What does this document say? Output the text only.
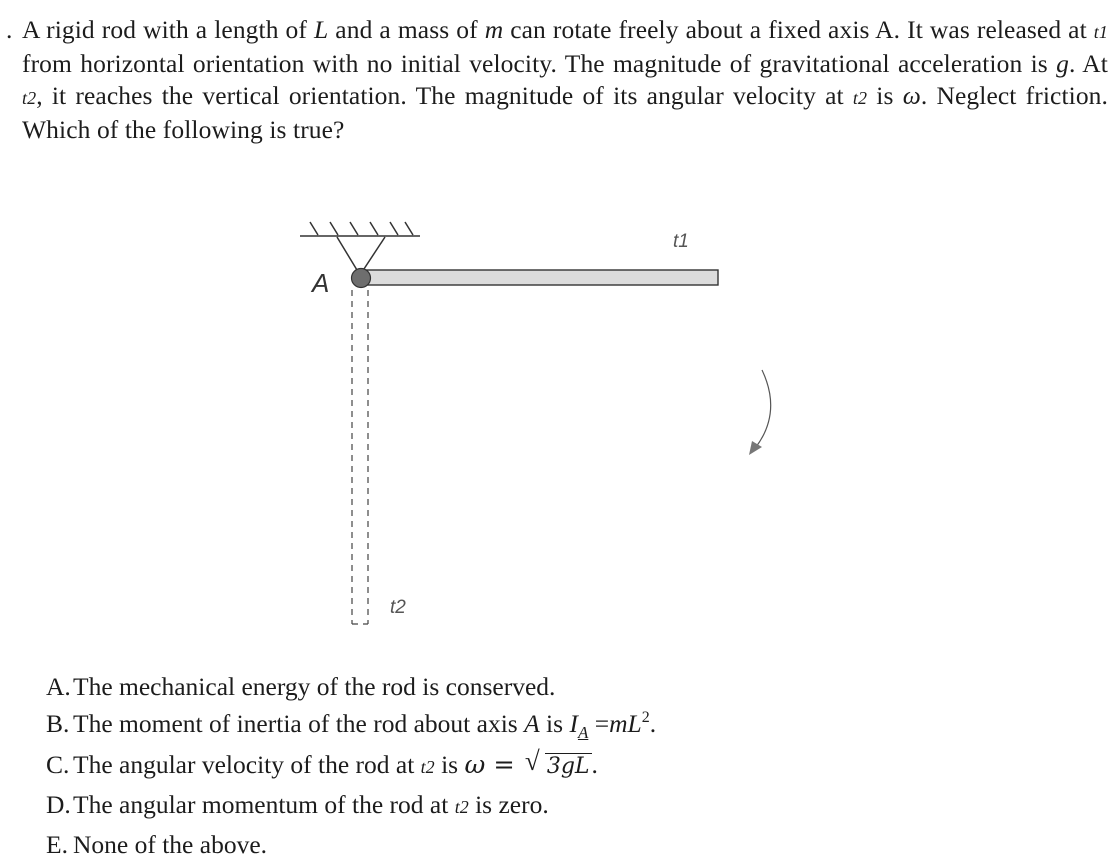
. A rigid rod with a length of L and a mass of m can rotate freely about a fixed axis A. It was released at t1 from horizontal orientation with no initial velocity. The magnitude of gravitational acceleration is g. At t2, it reaches the vertical orientation. The magnitude of its angular velocity at t2 is ω. Neglect friction. Which of the following is true?
A
t1
t2
A. The mechanical energy of the rod is conserved.
B. The moment of inertia of the rod about axis A is $I_A =mL^2$.
C. The angular velocity of the rod at t2 is ω = √ 3gL.
D. The angular momentum of the rod at t2 is zero.
E. None of the above.
